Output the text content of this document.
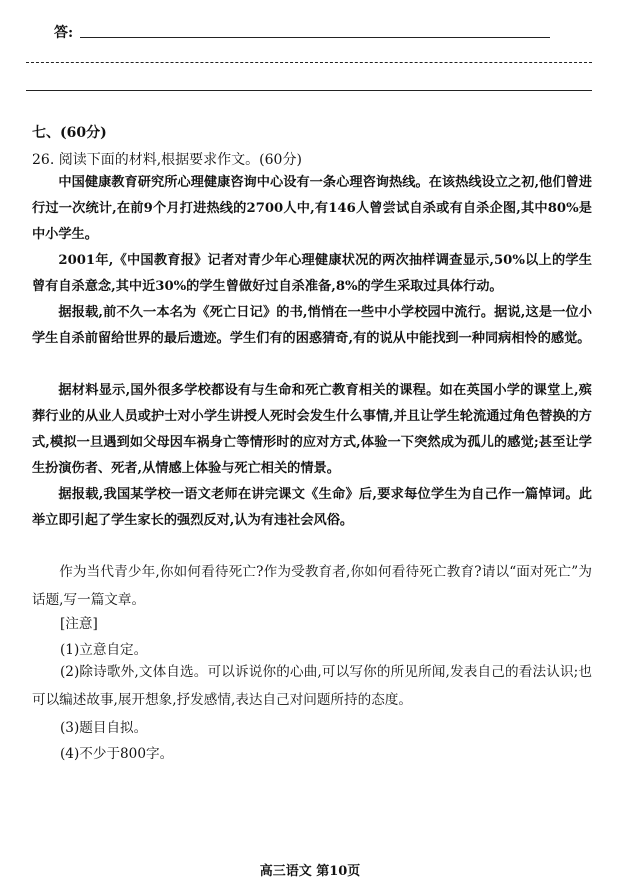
答:
七、(60分)
26. 阅读下面的材料,根据要求作文。(60分)

中国健康教育研究所心理健康咨询中心设有一条心理咨询热线。在该热线设立之初,他们曾进行过一次统计,在前9个月打进热线的2700人中,有146人曾尝试自杀或有自杀企图,其中80%是中小学生。

2001年,《中国教育报》记者对青少年心理健康状况的两次抽样调查显示,50%以上的学生曾有自杀意念,其中近30%的学生曾做好过自杀准备,8%的学生采取过具体行动。

据报载,前不久一本名为《死亡日记》的书,悄悄在一些中小学校园中流行。据说,这是一位小学生自杀前留给世界的最后遗迹。学生们有的困惑猜奇,有的说从中能找到一种同病相怜的感觉。

据材料显示,国外很多学校都设有与生命和死亡教育相关的课程。如在英国小学的课堂上,殡葬行业的从业人员或护士对小学生讲授人死时会发生什么事情,并且让学生轮流通过角色替换的方式,模拟一旦遇到如父母因车祸身亡等情形时的应对方式,体验一下突然成为孤儿的感觉;甚至让学生扮演伤者、死者,从情感上体验与死亡相关的情景。

据报载,我国某学校一语文老师在讲完课文《生命》后,要求每位学生为自己作一篇悼词。此举立即引起了学生家长的强烈反对,认为有违社会风俗。

作为当代青少年,你如何看待死亡?作为受教育者,你如何看待死亡教育?请以“面对死亡”为话题,写一篇文章。

[注意]
(1)立意自定。

(2)除诗歌外,文体自选。可以诉说你的心曲,可以写你的所见所闻,发表自己的看法认识;也可以编述故事,展开想象,抒发感情,表达自己对问题所持的态度。

(3)题目自拟。
(4)不少于800字。
高三语文 第10页
